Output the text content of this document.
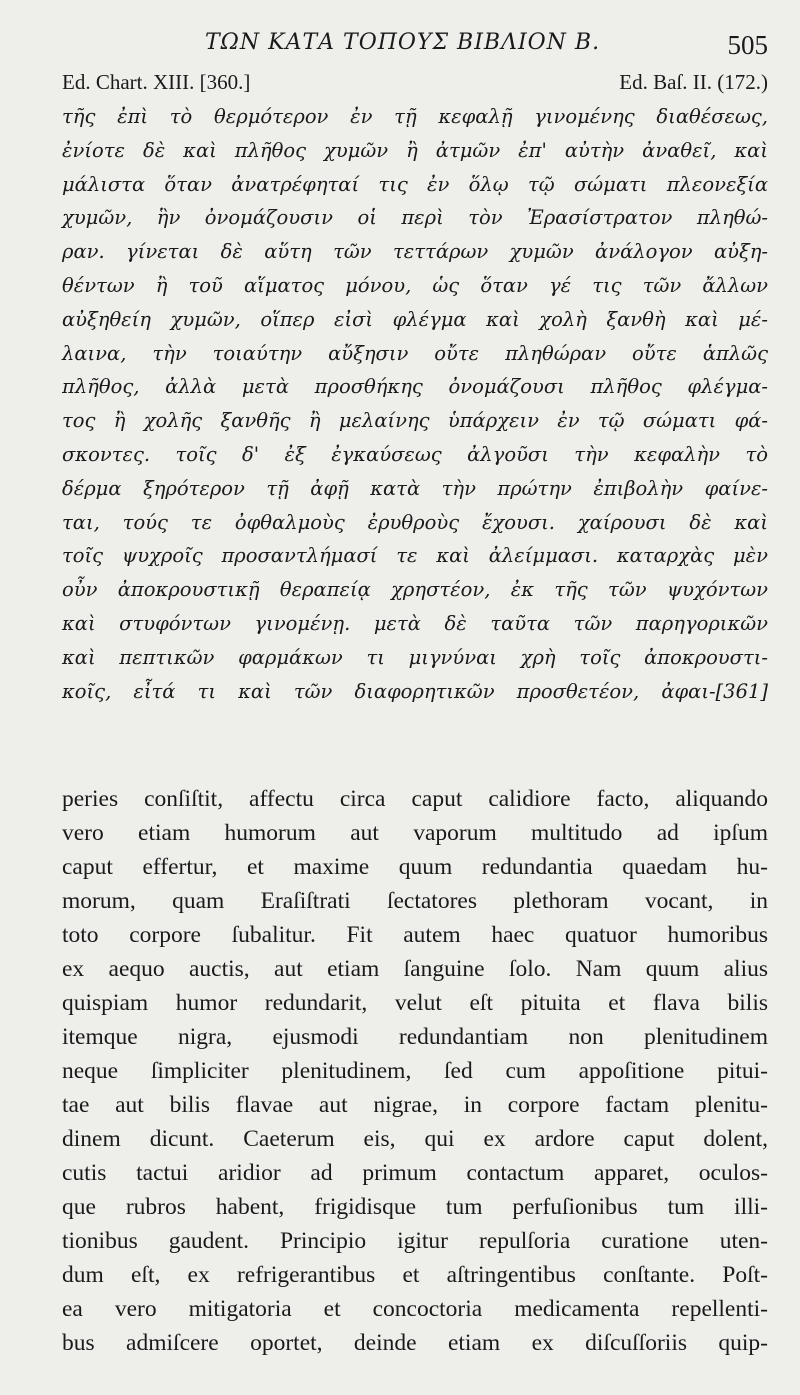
ΤΩΝ ΚΑΤΑ ΤΟΠΟΥΣ ΒΙΒΛΙΟΝ Β.	505
Ed. Chart. XIII. [360.]	Ed. Baſ. II. (172.)
τῆς ἐπὶ τὸ θερμότερον ἐν τῇ κεφαλῇ γινομένης διαθέσεως,
ἐνίοτε δὲ καὶ πλῆθος χυμῶν ἢ ἀτμῶν ἐπ' αὐτὴν ἀναθεῖ, καὶ
μάλιστα ὅταν ἀνατρέφηταί τις ἐν ὅλῳ τῷ σώματι πλεονεξία
χυμῶν, ἣν ὀνομάζουσιν οἱ περὶ τὸν Ἐρασίστρατον πληθώ-
ραν. γίνεται δὲ αὕτη τῶν τεττάρων χυμῶν ἀνάλογον αὐξη-
θέντων ἢ τοῦ αἵματος μόνου, ὡς ὅταν γέ τις τῶν ἄλλων
αὐξηθείη χυμῶν, οἵπερ εἰσὶ φλέγμα καὶ χολὴ ξανθὴ καὶ μέ-
λαινα, τὴν τοιαύτην αὔξησιν οὔτε πληθώραν οὔτε ἁπλῶς
πλῆθος, ἀλλὰ μετὰ προσθήκης ὀνομάζουσι πλῆθος φλέγμα-
τος ἢ χολῆς ξανθῆς ἢ μελαίνης ὑπάρχειν ἐν τῷ σώματι φά-
σκοντες. τοῖς δ' ἐξ ἐγκαύσεως ἀλγοῦσι τὴν κεφαλὴν τὸ
δέρμα ξηρότερον τῇ ἀφῇ κατὰ τὴν πρώτην ἐπιβολὴν φαίνε-
ται, τούς τε ὀφθαλμοὺς ἐρυθροὺς ἔχουσι. χαίρουσι δὲ καὶ
τοῖς ψυχροῖς προσαντλήμασί τε καὶ ἀλείμμασι. καταρχὰς μὲν
οὖν ἀποκρουστικῇ θεραπείᾳ χρηστέον, ἐκ τῆς τῶν ψυχόντων
καὶ στυφόντων γινομένῃ. μετὰ δὲ ταῦτα τῶν παρηγορικῶν
καὶ πεπτικῶν φαρμάκων τι μιγνύναι χρὴ τοῖς ἀποκρουστι-
κοῖς, εἶτά τι καὶ τῶν διαφορητικῶν προσθετέον, ἀφαι-[361]
peries conſiſtit, affectu circa caput calidiore facto, aliquando
vero etiam humorum aut vaporum multitudo ad ipſum
caput effertur, et maxime quum redundantia quaedam hu-
morum, quam Eraſiſtrati ſectatores plethoram vocant, in
toto corpore ſubalitur. Fit autem haec quatuor humoribus
ex aequo auctis, aut etiam ſanguine ſolo. Nam quum alius
quispiam humor redundarit, velut eſt pituita et flava bilis
itemque nigra, ejusmodi redundantiam non plenitudinem
neque ſimpliciter plenitudinem, ſed cum appoſitione pitui-
tae aut bilis flavae aut nigrae, in corpore factam plenitu-
dinem dicunt. Caeterum eis, qui ex ardore caput dolent,
cutis tactui aridior ad primum contactum apparet, oculos-
que rubros habent, frigidisque tum perfuſionibus tum illi-
tionibus gaudent. Principio igitur repulſoria curatione uten-
dum eſt, ex refrigerantibus et aſtringentibus conſtante. Poſt-
ea vero mitigatoria et concoctoria medicamenta repellenti-
bus admiſcere oportet, deinde etiam ex diſcuſſoriis quip-
